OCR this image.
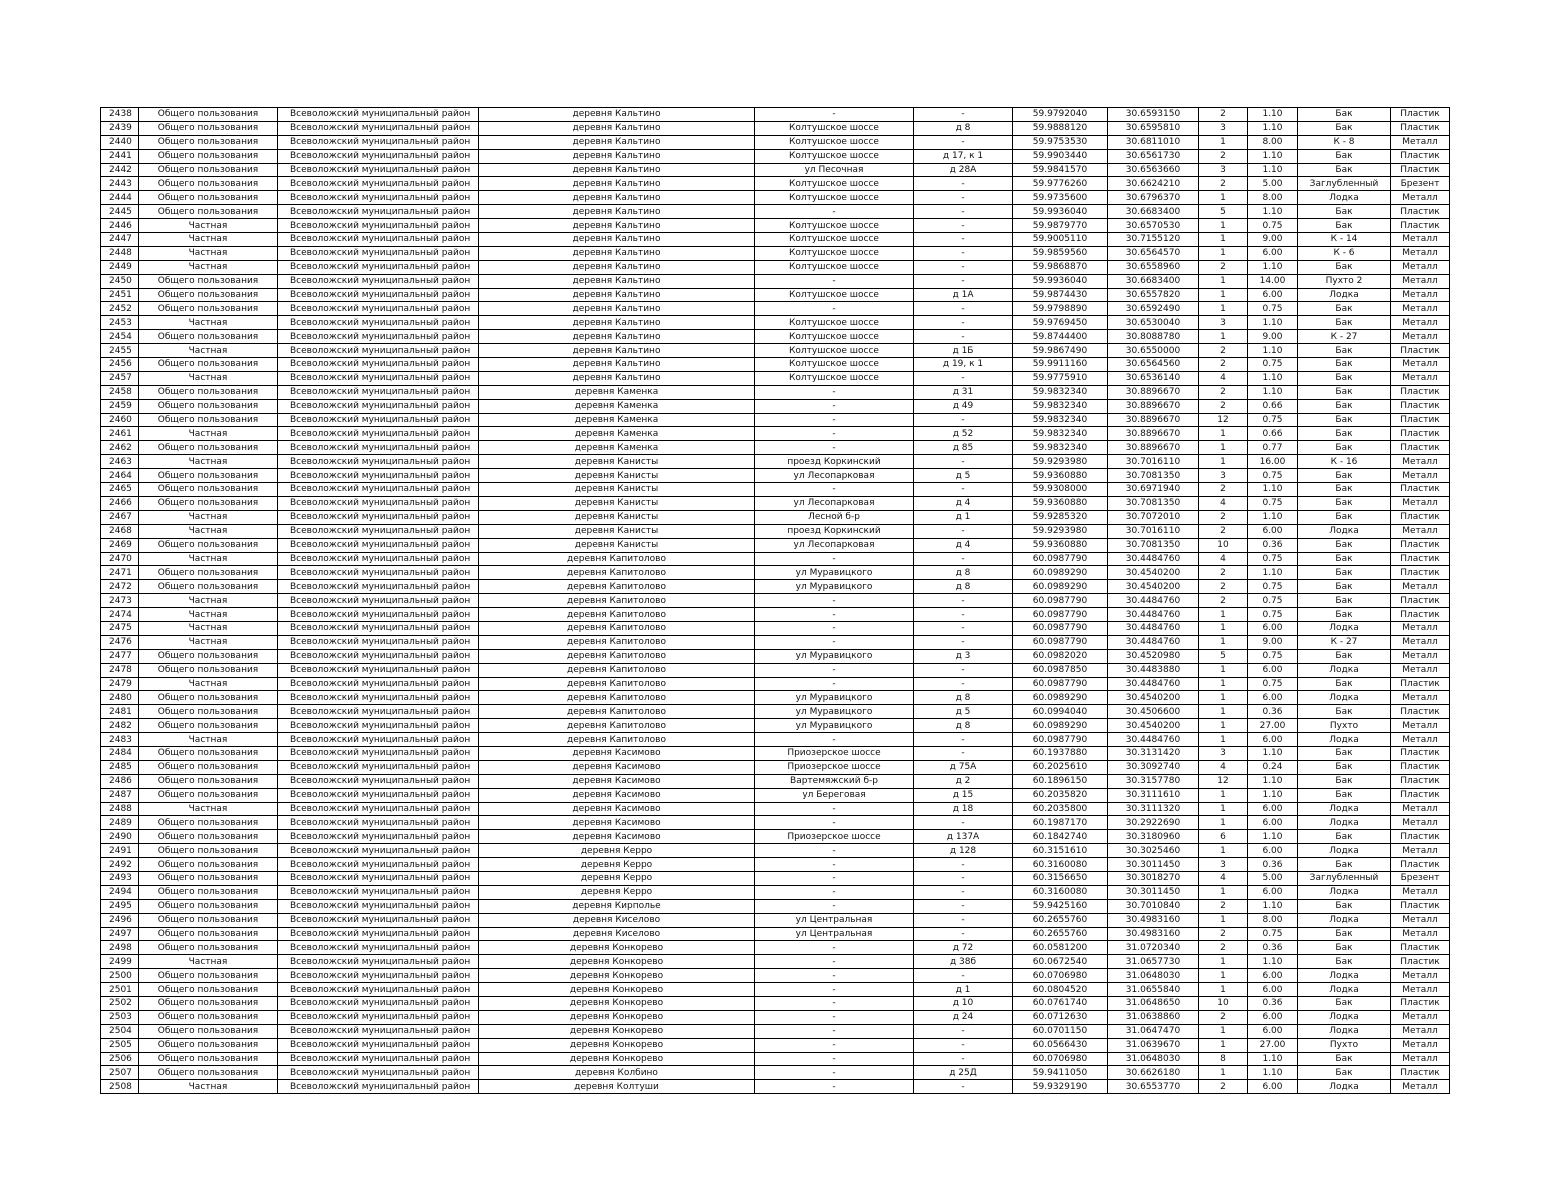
2438	Общего пользования	Всеволожский муниципальный район	деревня Кальтино	-	-	59.9792040	30.6593150	2	1.10	Бак	Пластик
2439	Общего пользования	Всеволожский муниципальный район	деревня Кальтино	Колтушское шоссе	д 8	59.9888120	30.6595810	3	1.10	Бак	Пластик
2440	Общего пользования	Всеволожский муниципальный район	деревня Кальтино	Колтушское шоссе	-	59.9753530	30.6811010	1	8.00	К - 8	Металл
2441	Общего пользования	Всеволожский муниципальный район	деревня Кальтино	Колтушское шоссе	д 17, к 1	59.9903440	30.6561730	2	1.10	Бак	Пластик
2442	Общего пользования	Всеволожский муниципальный район	деревня Кальтино	ул Песочная	д 28А	59.9841570	30.6563660	3	1.10	Бак	Пластик
2443	Общего пользования	Всеволожский муниципальный район	деревня Кальтино	Колтушское шоссе	-	59.9776260	30.6624210	2	5.00	Заглубленный	Брезент
2444	Общего пользования	Всеволожский муниципальный район	деревня Кальтино	Колтушское шоссе	-	59.9735600	30.6796370	1	8.00	Лодка	Металл
2445	Общего пользования	Всеволожский муниципальный район	деревня Кальтино	-	-	59.9936040	30.6683400	5	1.10	Бак	Пластик
2446	Частная	Всеволожский муниципальный район	деревня Кальтино	Колтушское шоссе	-	59.9879770	30.6570530	1	0.75	Бак	Пластик
2447	Частная	Всеволожский муниципальный район	деревня Кальтино	Колтушское шоссе	-	59.9005110	30.7155120	1	9.00	К - 14	Металл
2448	Частная	Всеволожский муниципальный район	деревня Кальтино	Колтушское шоссе	-	59.9859560	30.6564570	1	6.00	К - 6	Металл
2449	Частная	Всеволожский муниципальный район	деревня Кальтино	Колтушское шоссе	-	59.9868870	30.6558960	2	1.10	Бак	Металл
2450	Общего пользования	Всеволожский муниципальный район	деревня Кальтино	-	-	59.9936040	30.6683400	1	14.00	Пухто 2	Металл
2451	Общего пользования	Всеволожский муниципальный район	деревня Кальтино	Колтушское шоссе	д 1А	59.9874430	30.6557820	1	6.00	Лодка	Металл
2452	Общего пользования	Всеволожский муниципальный район	деревня Кальтино	-	-	59.9798890	30.6592490	1	0.75	Бак	Металл
2453	Частная	Всеволожский муниципальный район	деревня Кальтино	Колтушское шоссе	-	59.9769450	30.6530040	3	1.10	Бак	Металл
2454	Общего пользования	Всеволожский муниципальный район	деревня Кальтино	Колтушское шоссе	-	59.8744400	30.8088780	1	9.00	К - 27	Металл
2455	Частная	Всеволожский муниципальный район	деревня Кальтино	Колтушское шоссе	д 1Б	59.9867490	30.6550000	2	1.10	Бак	Пластик
2456	Общего пользования	Всеволожский муниципальный район	деревня Кальтино	Колтушское шоссе	д 19, к 1	59.9911160	30.6564560	2	0.75	Бак	Металл
2457	Частная	Всеволожский муниципальный район	деревня Кальтино	Колтушское шоссе	-	59.9775910	30.6536140	4	1.10	Бак	Металл
2458	Общего пользования	Всеволожский муниципальный район	деревня Каменка	-	д 31	59.9832340	30.8896670	2	1.10	Бак	Пластик
2459	Общего пользования	Всеволожский муниципальный район	деревня Каменка	-	д 49	59.9832340	30.8896670	2	0.66	Бак	Пластик
2460	Общего пользования	Всеволожский муниципальный район	деревня Каменка	-	-	59.9832340	30.8896670	12	0.75	Бак	Пластик
2461	Частная	Всеволожский муниципальный район	деревня Каменка	-	д 52	59.9832340	30.8896670	1	0.66	Бак	Пластик
2462	Общего пользования	Всеволожский муниципальный район	деревня Каменка	-	д 85	59.9832340	30.8896670	1	0.77	Бак	Пластик
2463	Частная	Всеволожский муниципальный район	деревня Канисты	проезд Коркинский	-	59.9293980	30.7016110	1	16.00	К - 16	Металл
2464	Общего пользования	Всеволожский муниципальный район	деревня Канисты	ул Лесопарковая	д 5	59.9360880	30.7081350	3	0.75	Бак	Металл
2465	Общего пользования	Всеволожский муниципальный район	деревня Канисты	-	-	59.9308000	30.6971940	2	1.10	Бак	Пластик
2466	Общего пользования	Всеволожский муниципальный район	деревня Канисты	ул Лесопарковая	д 4	59.9360880	30.7081350	4	0.75	Бак	Металл
2467	Частная	Всеволожский муниципальный район	деревня Канисты	Лесной б-р	д 1	59.9285320	30.7072010	2	1.10	Бак	Пластик
2468	Частная	Всеволожский муниципальный район	деревня Канисты	проезд Коркинский	-	59.9293980	30.7016110	2	6.00	Лодка	Металл
2469	Общего пользования	Всеволожский муниципальный район	деревня Канисты	ул Лесопарковая	д 4	59.9360880	30.7081350	10	0.36	Бак	Пластик
2470	Частная	Всеволожский муниципальный район	деревня Капитолово	-	-	60.0987790	30.4484760	4	0.75	Бак	Пластик
2471	Общего пользования	Всеволожский муниципальный район	деревня Капитолово	ул Муравицкого	д 8	60.0989290	30.4540200	2	1.10	Бак	Пластик
2472	Общего пользования	Всеволожский муниципальный район	деревня Капитолово	ул Муравицкого	д 8	60.0989290	30.4540200	2	0.75	Бак	Металл
2473	Частная	Всеволожский муниципальный район	деревня Капитолово	-	-	60.0987790	30.4484760	2	0.75	Бак	Пластик
2474	Частная	Всеволожский муниципальный район	деревня Капитолово	-	-	60.0987790	30.4484760	1	0.75	Бак	Пластик
2475	Частная	Всеволожский муниципальный район	деревня Капитолово	-	-	60.0987790	30.4484760	1	6.00	Лодка	Металл
2476	Частная	Всеволожский муниципальный район	деревня Капитолово	-	-	60.0987790	30.4484760	1	9.00	К - 27	Металл
2477	Общего пользования	Всеволожский муниципальный район	деревня Капитолово	ул Муравицкого	д 3	60.0982020	30.4520980	5	0.75	Бак	Металл
2478	Общего пользования	Всеволожский муниципальный район	деревня Капитолово	-	-	60.0987850	30.4483880	1	6.00	Лодка	Металл
2479	Частная	Всеволожский муниципальный район	деревня Капитолово	-	-	60.0987790	30.4484760	1	0.75	Бак	Пластик
2480	Общего пользования	Всеволожский муниципальный район	деревня Капитолово	ул Муравицкого	д 8	60.0989290	30.4540200	1	6.00	Лодка	Металл
2481	Общего пользования	Всеволожский муниципальный район	деревня Капитолово	ул Муравицкого	д 5	60.0994040	30.4506600	1	0.36	Бак	Пластик
2482	Общего пользования	Всеволожский муниципальный район	деревня Капитолово	ул Муравицкого	д 8	60.0989290	30.4540200	1	27.00	Пухто	Металл
2483	Частная	Всеволожский муниципальный район	деревня Капитолово	-	-	60.0987790	30.4484760	1	6.00	Лодка	Металл
2484	Общего пользования	Всеволожский муниципальный район	деревня Касимово	Приозерское шоссе	-	60.1937880	30.3131420	3	1.10	Бак	Пластик
2485	Общего пользования	Всеволожский муниципальный район	деревня Касимово	Приозерское шоссе	д 75А	60.2025610	30.3092740	4	0.24	Бак	Пластик
2486	Общего пользования	Всеволожский муниципальный район	деревня Касимово	Вартемяжский б-р	д 2	60.1896150	30.3157780	12	1.10	Бак	Пластик
2487	Общего пользования	Всеволожский муниципальный район	деревня Касимово	ул Береговая	д 15	60.2035820	30.3111610	1	1.10	Бак	Пластик
2488	Частная	Всеволожский муниципальный район	деревня Касимово	-	д 18	60.2035800	30.3111320	1	6.00	Лодка	Металл
2489	Общего пользования	Всеволожский муниципальный район	деревня Касимово	-	-	60.1987170	30.2922690	1	6.00	Лодка	Металл
2490	Общего пользования	Всеволожский муниципальный район	деревня Касимово	Приозерское шоссе	д 137А	60.1842740	30.3180960	6	1.10	Бак	Пластик
2491	Общего пользования	Всеволожский муниципальный район	деревня Керро	-	д 128	60.3151610	30.3025460	1	6.00	Лодка	Металл
2492	Общего пользования	Всеволожский муниципальный район	деревня Керро	-	-	60.3160080	30.3011450	3	0.36	Бак	Пластик
2493	Общего пользования	Всеволожский муниципальный район	деревня Керро	-	-	60.3156650	30.3018270	4	5.00	Заглубленный	Брезент
2494	Общего пользования	Всеволожский муниципальный район	деревня Керро	-	-	60.3160080	30.3011450	1	6.00	Лодка	Металл
2495	Общего пользования	Всеволожский муниципальный район	деревня Кирполье	-	-	59.9425160	30.7010840	2	1.10	Бак	Пластик
2496	Общего пользования	Всеволожский муниципальный район	деревня Киселово	ул Центральная	-	60.2655760	30.4983160	1	8.00	Лодка	Металл
2497	Общего пользования	Всеволожский муниципальный район	деревня Киселово	ул Центральная	-	60.2655760	30.4983160	2	0.75	Бак	Металл
2498	Общего пользования	Всеволожский муниципальный район	деревня Конкорево	-	д 72	60.0581200	31.0720340	2	0.36	Бак	Пластик
2499	Частная	Всеволожский муниципальный район	деревня Конкорево	-	д 38б	60.0672540	31.0657730	1	1.10	Бак	Пластик
2500	Общего пользования	Всеволожский муниципальный район	деревня Конкорево	-	-	60.0706980	31.0648030	1	6.00	Лодка	Металл
2501	Общего пользования	Всеволожский муниципальный район	деревня Конкорево	-	д 1	60.0804520	31.0655840	1	6.00	Лодка	Металл
2502	Общего пользования	Всеволожский муниципальный район	деревня Конкорево	-	д 10	60.0761740	31.0648650	10	0.36	Бак	Пластик
2503	Общего пользования	Всеволожский муниципальный район	деревня Конкорево	-	д 24	60.0712630	31.0638860	2	6.00	Лодка	Металл
2504	Общего пользования	Всеволожский муниципальный район	деревня Конкорево	-	-	60.0701150	31.0647470	1	6.00	Лодка	Металл
2505	Общего пользования	Всеволожский муниципальный район	деревня Конкорево	-	-	60.0566430	31.0639670	1	27.00	Пухто	Металл
2506	Общего пользования	Всеволожский муниципальный район	деревня Конкорево	-	-	60.0706980	31.0648030	8	1.10	Бак	Металл
2507	Общего пользования	Всеволожский муниципальный район	деревня Колбино	-	д 25Д	59.9411050	30.6626180	1	1.10	Бак	Пластик
2508	Частная	Всеволожский муниципальный район	деревня Колтуши	-	-	59.9329190	30.6553770	2	6.00	Лодка	Металл
